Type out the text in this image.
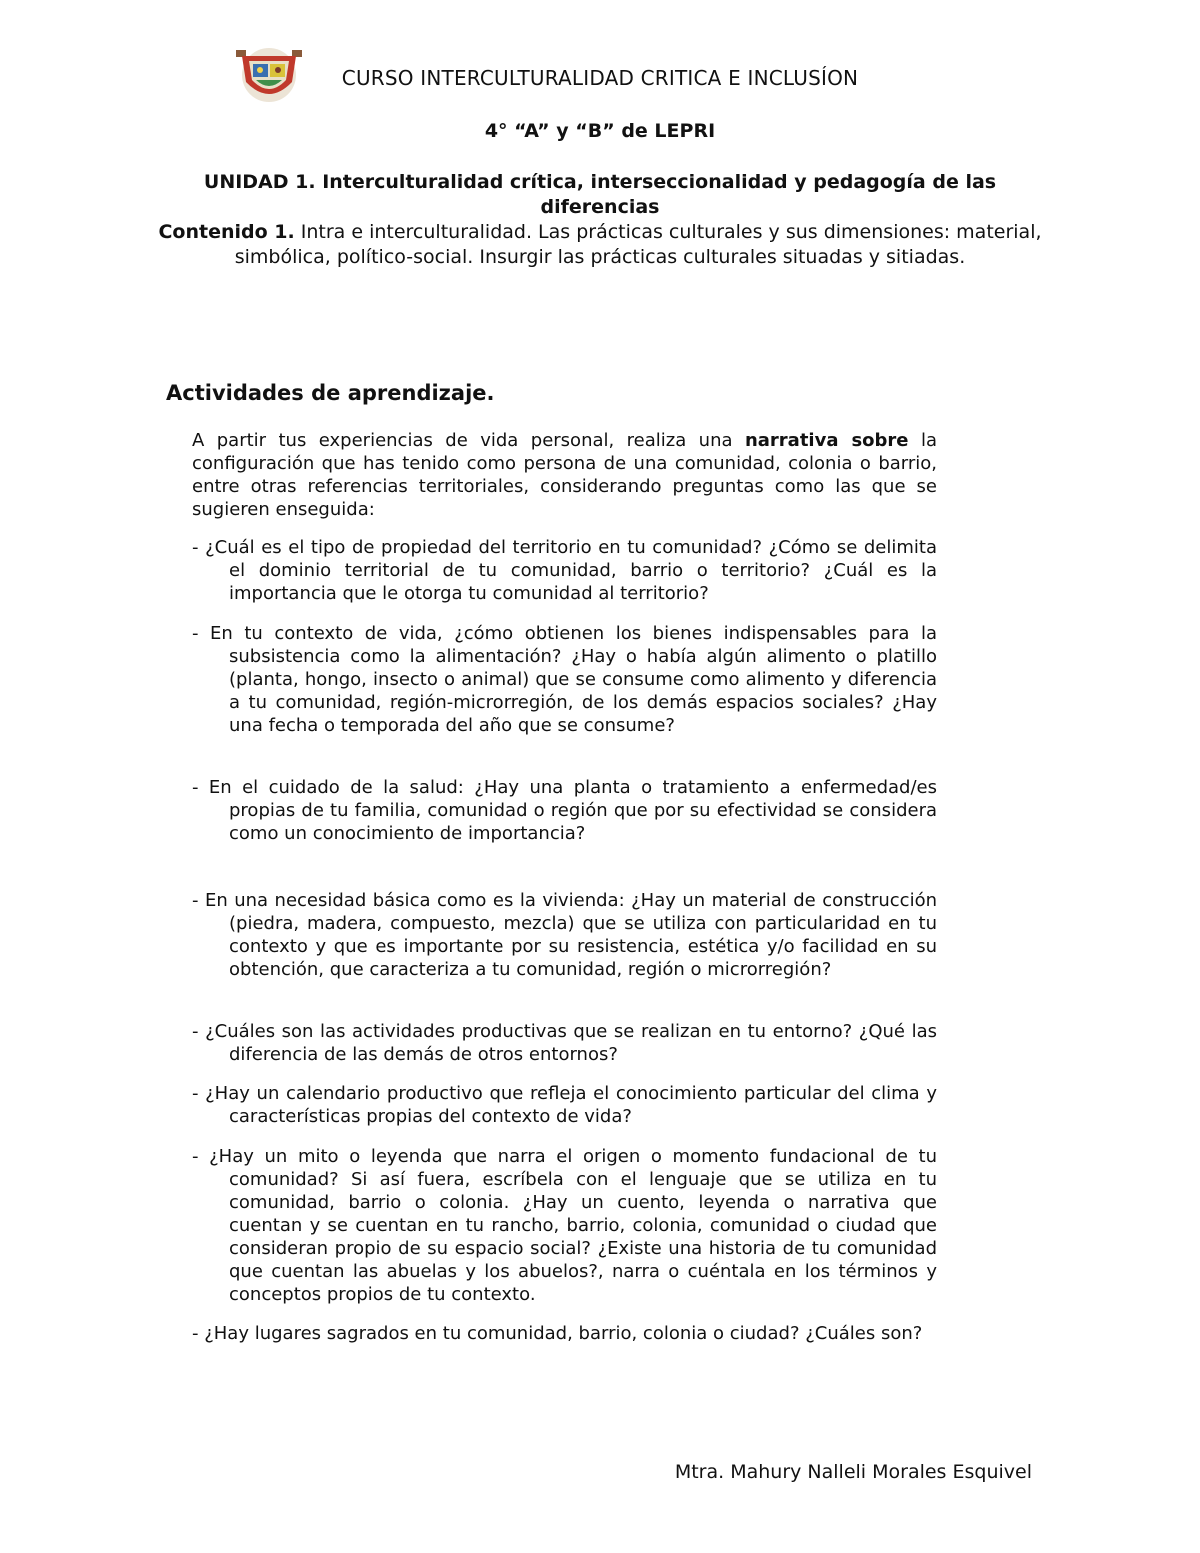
CURSO INTERCULTURALIDAD CRITICA E INCLUSÍON
4° “A” y “B” de LEPRI
UNIDAD 1. Interculturalidad crítica, interseccionalidad y pedagogía de las diferencias
Contenido 1. Intra e interculturalidad. Las prácticas culturales y sus dimensiones: material, simbólica, político-social. Insurgir las prácticas culturales situadas y sitiadas.
Actividades de aprendizaje.
A partir tus experiencias de vida personal, realiza una narrativa sobre la configuración que has tenido como persona de una comunidad, colonia o barrio, entre otras referencias territoriales, considerando preguntas como las que se sugieren enseguida:
- ¿Cuál es el tipo de propiedad del territorio en tu comunidad? ¿Cómo se delimita el dominio territorial de tu comunidad, barrio o territorio? ¿Cuál es la importancia que le otorga tu comunidad al territorio?
- En tu contexto de vida, ¿cómo obtienen los bienes indispensables para la subsistencia como la alimentación? ¿Hay o había algún alimento o platillo (planta, hongo, insecto o animal) que se consume como alimento y diferencia a tu comunidad, región-microrregión, de los demás espacios sociales? ¿Hay una fecha o temporada del año que se consume?
- En el cuidado de la salud: ¿Hay una planta o tratamiento a enfermedad/es propias de tu familia, comunidad o región que por su efectividad se considera como un conocimiento de importancia?
- En una necesidad básica como es la vivienda: ¿Hay un material de construcción (piedra, madera, compuesto, mezcla) que se utiliza con particularidad en tu contexto y que es importante por su resistencia, estética y/o facilidad en su obtención, que caracteriza a tu comunidad, región o microrregión?
- ¿Cuáles son las actividades productivas que se realizan en tu entorno? ¿Qué las diferencia de las demás de otros entornos?
- ¿Hay un calendario productivo que refleja el conocimiento particular del clima y características propias del contexto de vida?
- ¿Hay un mito o leyenda que narra el origen o momento fundacional de tu comunidad? Si así fuera, escríbela con el lenguaje que se utiliza en tu comunidad, barrio o colonia. ¿Hay un cuento, leyenda o narrativa que cuentan y se cuentan en tu rancho, barrio, colonia, comunidad o ciudad que consideran propio de su espacio social? ¿Existe una historia de tu comunidad que cuentan las abuelas y los abuelos?, narra o cuéntala en los términos y conceptos propios de tu contexto.
- ¿Hay lugares sagrados en tu comunidad, barrio, colonia o ciudad? ¿Cuáles son?
Mtra. Mahury Nalleli Morales Esquivel
